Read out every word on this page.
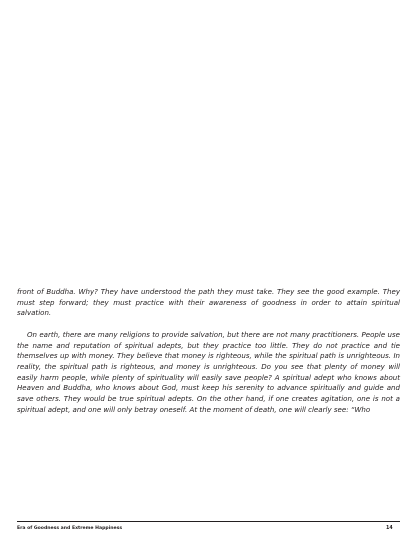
front of Buddha. Why? They have understood the path they must take. They see the good example. They must step forward; they must practice with their awareness of goodness in order to attain spiritual salvation.

On earth, there are many religions to provide salvation, but there are not many practitioners. People use the name and reputation of spiritual adepts, but they practice too little. They do not practice and tie themselves up with money. They believe that money is righteous, while the spiritual path is unrighteous. In reality, the spiritual path is righteous, and money is unrighteous. Do you see that plenty of money will easily harm people, while plenty of spirituality will easily save people? A spiritual adept who knows about Heaven and Buddha, who knows about God, must keep his serenity to advance spiritually and guide and save others. They would be true spiritual adepts. On the other hand, if one creates agitation, one is not a spiritual adept, and one will only betray oneself. At the moment of death, one will clearly see: “Who

Era of Goodness and Extreme Happiness	14
